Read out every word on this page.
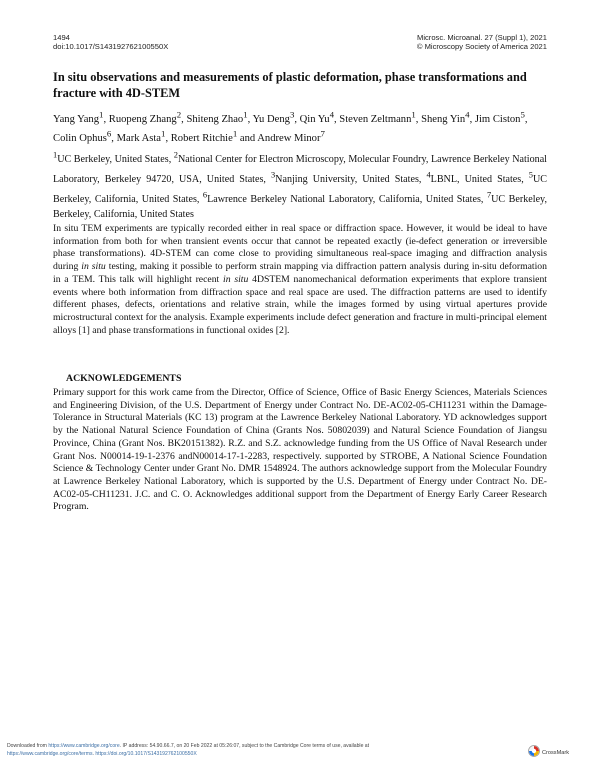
1494
doi:10.1017/S143192762100550X
Microsc. Microanal. 27 (Suppl 1), 2021
© Microscopy Society of America 2021
In situ observations and measurements of plastic deformation, phase transformations and fracture with 4D-STEM

Yang Yang$^1$, Ruopeng Zhang$^2$, Shiteng Zhao$^1$, Yu Deng$^3$, Qin Yu$^4$, Steven Zeltmann$^1$, Sheng Yin$^4$, Jim Ciston$^5$, Colin Ophus$^6$, Mark Asta$^1$, Robert Ritchie$^1$ and Andrew Minor$^7$

$^1$UC Berkeley, United States, $^2$National Center for Electron Microscopy, Molecular Foundry, Lawrence Berkeley National Laboratory, Berkeley 94720, USA, United States, $^3$Nanjing University, United States, $^4$LBNL, United States, $^5$UC Berkeley, California, United States, $^6$Lawrence Berkeley National Laboratory, California, United States, $^7$UC Berkeley, Berkeley, California, United States

In situ TEM experiments are typically recorded either in real space or diffraction space. However, it would be ideal to have information from both for when transient events occur that cannot be repeated exactly (ie-defect generation or irreversible phase transformations). 4D-STEM can come close to providing simultaneous real-space imaging and diffraction analysis during in situ testing, making it possible to perform strain mapping via diffraction pattern analysis during in-situ deformation in a TEM. This talk will highlight recent in situ 4DSTEM nanomechanical deformation experiments that explore transient events where both information from diffraction space and real space are used. The diffraction patterns are used to identify different phases, defects, orientations and relative strain, while the images formed by using virtual apertures provide microstructural context for the analysis. Example experiments include defect generation and fracture in multi-principal element alloys [1] and phase transformations in functional oxides [2].

ACKNOWLEDGEMENTS

Primary support for this work came from the Director, Office of Science, Office of Basic Energy Sciences, Materials Sciences and Engineering Division, of the U.S. Department of Energy under Contract No. DE-AC02-05-CH11231 within the Damage-Tolerance in Structural Materials (KC 13) program at the Lawrence Berkeley National Laboratory. YD acknowledges support by the National Natural Science Foundation of China (Grants Nos. 50802039) and Natural Science Foundation of Jiangsu Province, China (Grant Nos. BK20151382). R.Z. and S.Z. acknowledge funding from the US Office of Naval Research under Grant Nos. N00014-19-1-2376 andN00014-17-1-2283, respectively. supported by STROBE, A National Science Foundation Science & Technology Center under Grant No. DMR 1548924. The authors acknowledge support from the Molecular Foundry at Lawrence Berkeley National Laboratory, which is supported by the U.S. Department of Energy under Contract No. DE-AC02-05-CH11231. J.C. and C. O. Acknowledges additional support from the Department of Energy Early Career Research Program.

Downloaded from https://www.cambridge.org/core. IP address: 54.90.66.7, on 20 Feb 2022 at 05:26:07, subject to the Cambridge Core terms of use, available at
https://www.cambridge.org/core/terms. https://doi.org/10.1017/S143192762100550X	CrossMark
